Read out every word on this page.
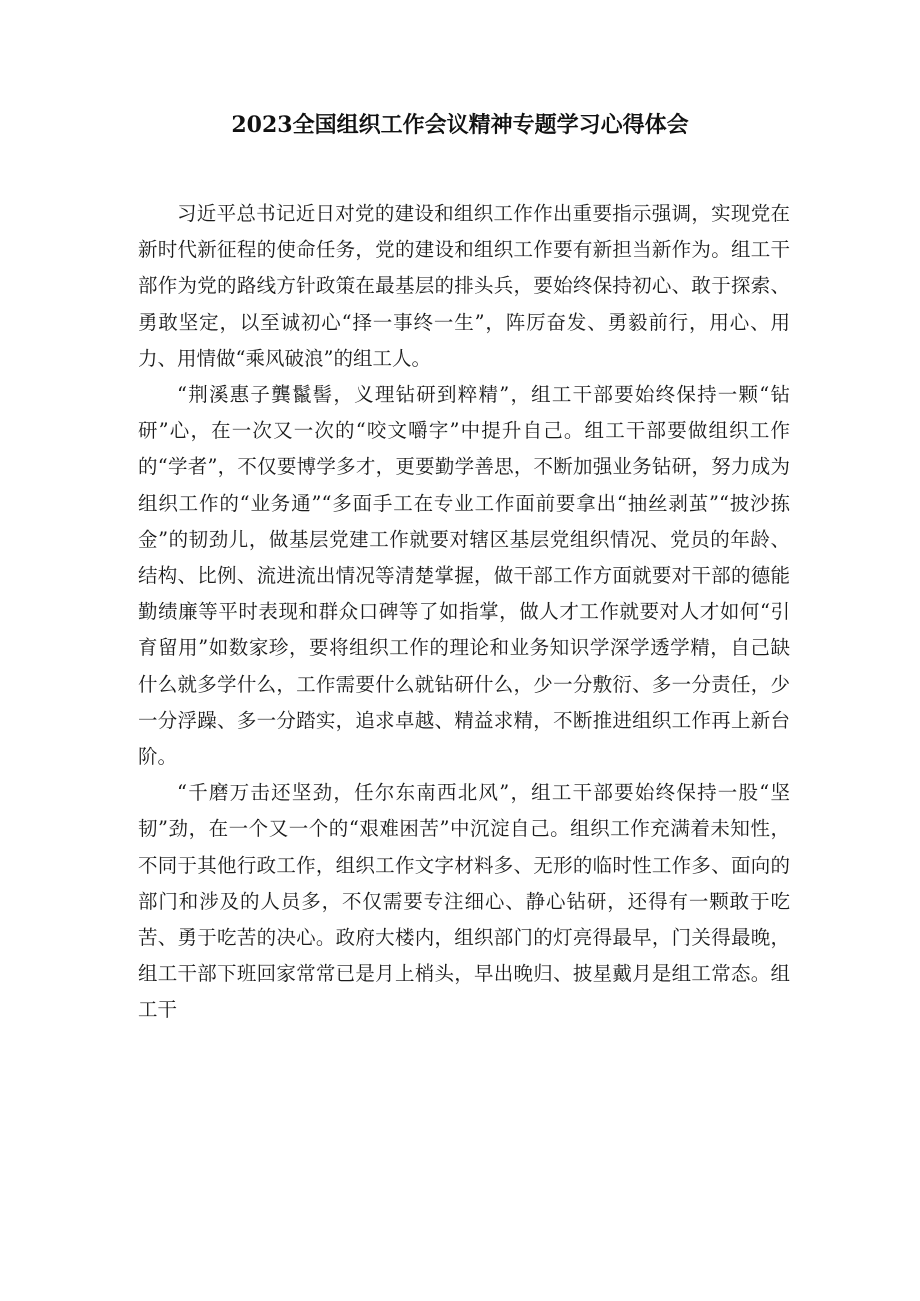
2023全国组织工作会议精神专题学习心得体会

习近平总书记近日对党的建设和组织工作作出重要指示强调，实现党在新时代新征程的使命任务，党的建设和组织工作要有新担当新作为。组工干部作为党的路线方针政策在最基层的排头兵，要始终保持初心、敢于探索、勇敢坚定，以至诚初心“择一事终一生”，阵厉奋发、勇毅前行，用心、用力、用情做“乘风破浪”的组工人。

“荆溪惠子龔鬣髻，义理钻研到粹精”，组工干部要始终保持一颗“钻研”心，在一次又一次的“咬文嚼字”中提升自己。组工干部要做组织工作的“学者”，不仅要博学多才，更要勤学善思，不断加强业务钻研，努力成为组织工作的“业务通”“多面手工在专业工作面前要拿出“抽丝剥茧”“披沙拣金”的韧劲儿，做基层党建工作就要对辖区基层党组织情况、党员的年龄、结构、比例、流进流出情况等清楚掌握，做干部工作方面就要对干部的德能勤绩廉等平时表现和群众口碑等了如指掌，做人才工作就要对人才如何“引育留用”如数家珍，要将组织工作的理论和业务知识学深学透学精，自己缺什么就多学什么，工作需要什么就钻研什么，少一分敷衍、多一分责任，少一分浮躁、多一分踏实，追求卓越、精益求精，不断推进组织工作再上新台阶。

“千磨万击还坚劲，任尔东南西北风”，组工干部要始终保持一股“坚韧”劲，在一个又一个的“艰难困苦”中沉淀自己。组织工作充满着未知性，不同于其他行政工作，组织工作文字材料多、无形的临时性工作多、面向的部门和涉及的人员多，不仅需要专注细心、静心钻研，还得有一颗敢于吃苦、勇于吃苦的决心。政府大楼内，组织部门的灯亮得最早，门关得最晚，组工干部下班回家常常已是月上梢头，早出晚归、披星戴月是组工常态。组工干
